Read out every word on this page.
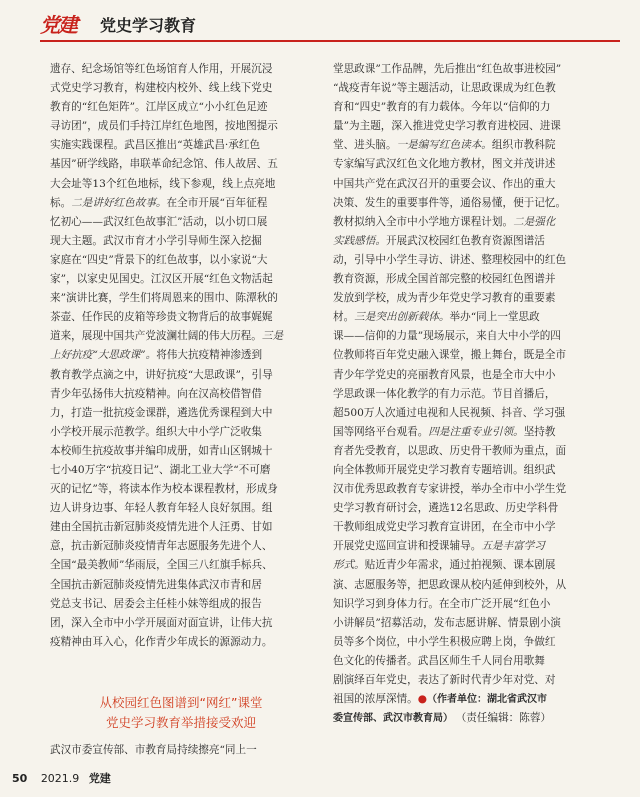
党建 党史学习教育
遗存、纪念场馆等红色场馆育人作用，开展沉浸
式党史学习教育，构建校内校外、线上线下党史
教育的“红色矩阵”。江岸区成立“小小红色足迹
寻访团”，成员们手持江岸红色地图，按地图提示
实施实践课程。武昌区推出“英雄武昌·承红色
基因”研学线路，串联革命纪念馆、伟人故居、五
大会址等13个红色地标，线下参观，线上点亮地
标。二是讲好红色故事。在全市开展“百年征程
忆初心——武汉红色故事汇”活动，以小切口展
现大主题。武汉市育才小学引导师生深入挖掘
家庭在“四史”背景下的红色故事，以小家说“大
家”，以家史见国史。江汉区开展“红色文物活起
来”演讲比赛，学生们将周恩来的围巾、陈潭秋的
茶壶、任作民的皮箱等珍贵文物背后的故事娓娓
道来，展现中国共产党波澜壮阔的伟大历程。三是
上好抗疫“大思政课”。将伟大抗疫精神渗透到
教育教学点滴之中，讲好抗疫“大思政课”，引导
青少年弘扬伟大抗疫精神。向在汉高校借智借
力，打造一批抗疫金课群，遴选优秀课程到大中
小学校开展示范教学。组织大中小学广泛收集
本校师生抗疫故事并编印成册，如青山区钢城十
七小40万字“抗疫日记”、湖北工业大学“不可磨
灭的记忆”等，将读本作为校本课程教材，形成身
边人讲身边事、年轻人教育年轻人良好氛围。组
建由全国抗击新冠肺炎疫情先进个人汪勇、甘如
意，抗击新冠肺炎疫情青年志愿服务先进个人、
全国“最美教师”华雨辰，全国三八红旗手标兵、
全国抗击新冠肺炎疫情先进集体武汉市青和居
党总支书记、居委会主任桂小妹等组成的报告
团，深入全市中小学开展面对面宣讲，让伟大抗
疫精神由耳入心，化作青少年成长的源源动力。
从校园红色图谱到“网红”课堂
党史学习教育举措接受欢迎
武汉市委宣传部、市教育局持续擦亮“同上一
堂思政课”工作品牌，先后推出“红色故事进校园”
“战疫青年说”等主题活动，让思政课成为红色教
育和“四史”教育的有力载体。今年以“信仰的力
量”为主题，深入推进党史学习教育进校园、进课
堂、进头脑。一是编写红色读本。组织市教科院
专家编写武汉红色文化地方教材，图文并茂讲述
中国共产党在武汉召开的重要会议、作出的重大
决策、发生的重要事件等，通俗易懂，便于记忆。
教材拟纳入全市中小学地方课程计划。二是强化
实践感悟。开展武汉校园红色教育资源图谱活
动，引导中小学生寻访、讲述、整理校园中的红色
教育资源，形成全国首部完整的校园红色图谱并
发放到学校，成为青少年党史学习教育的重要素
材。三是突出创新载体。举办“同上一堂思政
课——信仰的力量”现场展示，来自大中小学的四
位教师将百年党史融入课堂，搬上舞台，既是全市
青少年学党史的亮丽教育风景，也是全市大中小
学思政课一体化教学的有力示范。节目首播后，
超500万人次通过电视和人民视频、抖音、学习强
国等网络平台观看。四是注重专业引领。坚持教
育者先受教育，以思政、历史骨干教师为重点，面
向全体教师开展党史学习教育专题培训。组织武
汉市优秀思政教育专家讲授，举办全市中小学生党
史学习教育研讨会，遴选12名思政、历史学科骨
干教师组成党史学习教育宣讲团，在全市中小学
开展党史巡回宣讲和授课辅导。五是丰富学习
形式。贴近青少年需求，通过拍视频、课本剧展
演、志愿服务等，把思政课从校内延伸到校外，从
知识学习到身体力行。在全市广泛开展“红色小
小讲解员”招募活动，发布志愿讲解、情景剧小演
员等多个岗位，中小学生积极应聘上岗，争做红
色文化的传播者。武昌区师生千人同台用歌舞
剧演绎百年党史，表达了新时代青少年对党、对
祖国的浓厚深情。●（作者单位：湖北省武汉市
委宣传部、武汉市教育局） （责任编辑：陈蓉）
50 2021.9 党建
